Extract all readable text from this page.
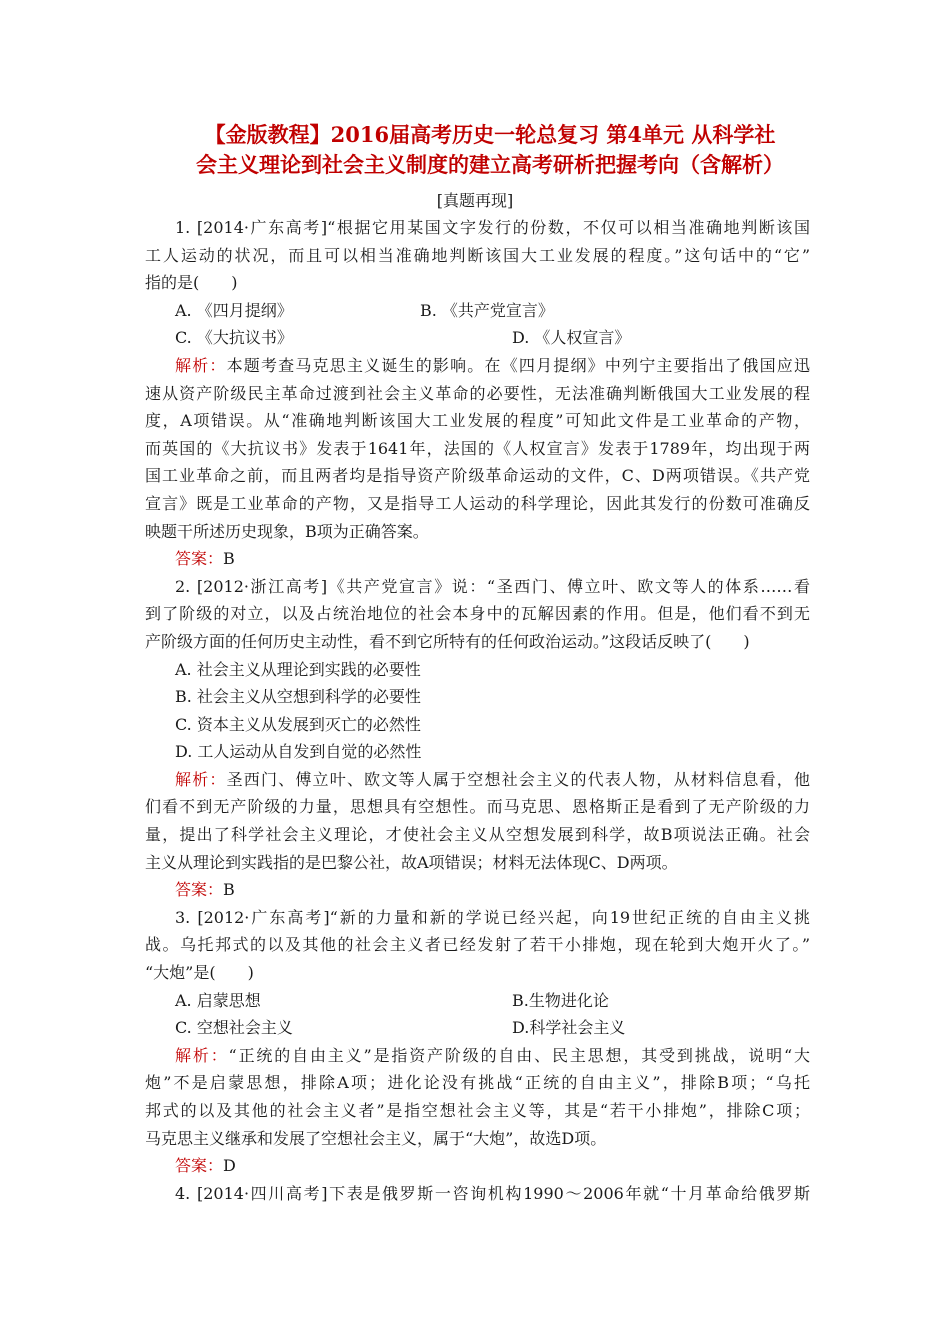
【金版教程】2016届高考历史一轮总复习 第4单元 从科学社
会主义理论到社会主义制度的建立高考研析把握考向（含解析）
[真题再现]
1. [2014·广东高考]“根据它用某国文字发行的份数，不仅可以相当准确地判断该国
工人运动的状况，而且可以相当准确地判断该国大工业发展的程度。”这句话中的“它”
指的是(　　)
A. 《四月提纲》	B. 《共产党宣言》
C. 《大抗议书》	D. 《人权宣言》
解析：本题考查马克思主义诞生的影响。在《四月提纲》中列宁主要指出了俄国应迅
速从资产阶级民主革命过渡到社会主义革命的必要性，无法准确判断俄国大工业发展的程
度，A项错误。从“准确地判断该国大工业发展的程度”可知此文件是工业革命的产物，
而英国的《大抗议书》发表于1641年，法国的《人权宣言》发表于1789年，均出现于两
国工业革命之前，而且两者均是指导资产阶级革命运动的文件，C、D两项错误。《共产党
宣言》既是工业革命的产物，又是指导工人运动的科学理论，因此其发行的份数可准确反
映题干所述历史现象，B项为正确答案。
答案：B
2. [2012·浙江高考]《共产党宣言》说：“圣西门、傅立叶、欧文等人的体系……看
到了阶级的对立，以及占统治地位的社会本身中的瓦解因素的作用。但是，他们看不到无
产阶级方面的任何历史主动性，看不到它所特有的任何政治运动。”这段话反映了(　　)
A. 社会主义从理论到实践的必要性
B. 社会主义从空想到科学的必要性
C. 资本主义从发展到灭亡的必然性
D. 工人运动从自发到自觉的必然性
解析：圣西门、傅立叶、欧文等人属于空想社会主义的代表人物，从材料信息看，他
们看不到无产阶级的力量，思想具有空想性。而马克思、恩格斯正是看到了无产阶级的力
量，提出了科学社会主义理论，才使社会主义从空想发展到科学，故B项说法正确。社会
主义从理论到实践指的是巴黎公社，故A项错误；材料无法体现C、D两项。
答案：B
3. [2012·广东高考]“新的力量和新的学说已经兴起，向19世纪正统的自由主义挑
战。乌托邦式的以及其他的社会主义者已经发射了若干小排炮，现在轮到大炮开火了。”
“大炮”是(　　)
A. 启蒙思想	B.生物进化论
C. 空想社会主义	D.科学社会主义
解析：“正统的自由主义”是指资产阶级的自由、民主思想，其受到挑战，说明“大
炮”不是启蒙思想，排除A项；进化论没有挑战“正统的自由主义”，排除B项；“乌托
邦式的以及其他的社会主义者”是指空想社会主义等，其是“若干小排炮”，排除C项；
马克思主义继承和发展了空想社会主义，属于“大炮”，故选D项。
答案：D
4. [2014·四川高考]下表是俄罗斯一咨询机构1990～2006年就“十月革命给俄罗斯
